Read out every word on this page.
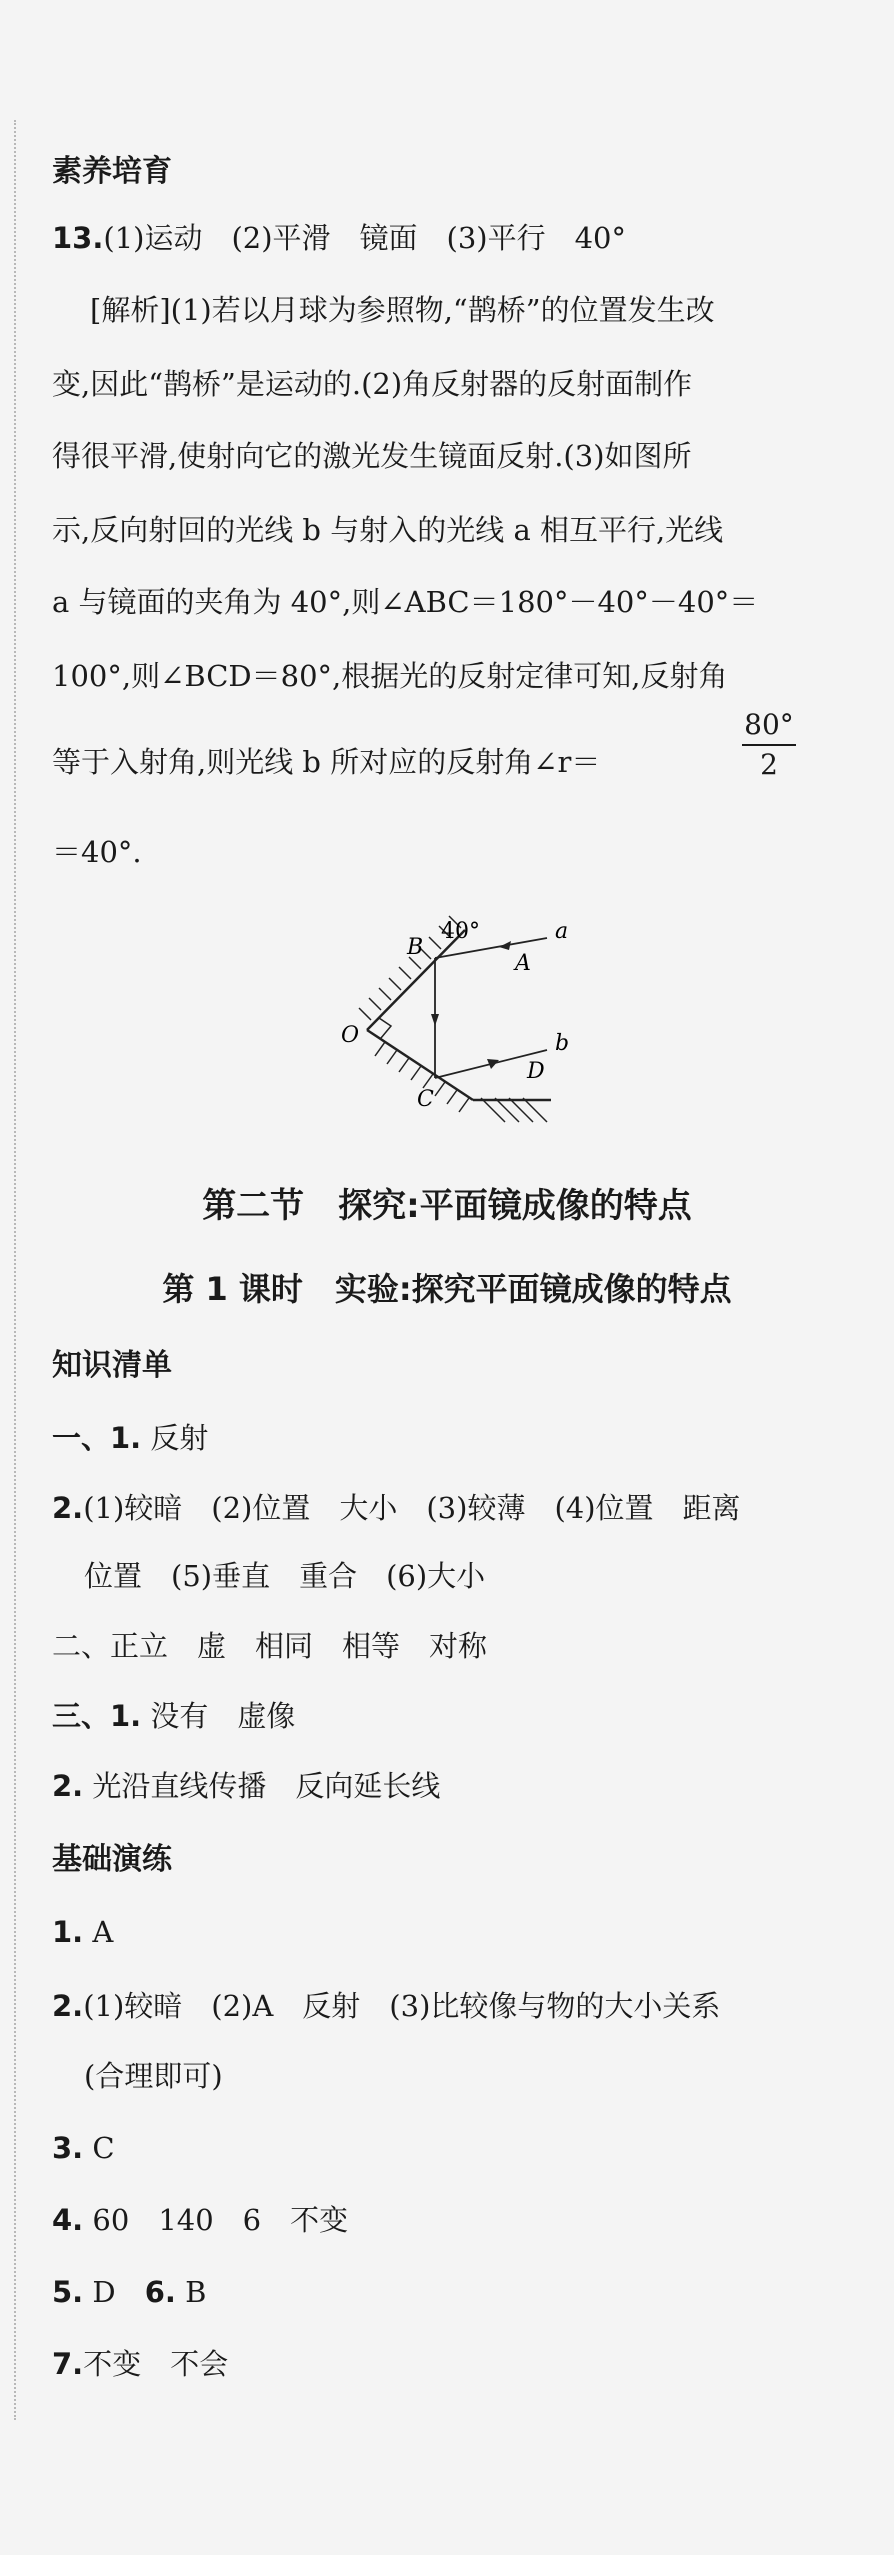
素养培育
13.(1)运动　(2)平滑　镜面　(3)平行　40°
[解析](1)若以月球为参照物,“鹊桥”的位置发生改
变,因此“鹊桥”是运动的.(2)角反射器的反射面制作
得很平滑,使射向它的激光发生镜面反射.(3)如图所
示,反向射回的光线 b 与射入的光线 a 相互平行,光线
a 与镜面的夹角为 40°,则∠ABC＝180°－40°－40°＝
100°,则∠BCD＝80°,根据光的反射定律可知,反射角
等于入射角,则光线 b 所对应的反射角∠r＝
80°
2
＝40°.
40°
B
A
a
O	b
D
C
第二节　探究:平面镜成像的特点
第 1 课时　实验:探究平面镜成像的特点
知识清单
一、1. 反射
2.(1)较暗　(2)位置　大小　(3)较薄　(4)位置　距离
位置　(5)垂直　重合　(6)大小
二、正立　虚　相同　相等　对称
三、1. 没有　虚像
2. 光沿直线传播　反向延长线
基础演练
1. A
2.(1)较暗　(2)A　反射　(3)比较像与物的大小关系
(合理即可)
3. C
4. 60　140　6　不变
5. D　6. B
7.不变　不会
